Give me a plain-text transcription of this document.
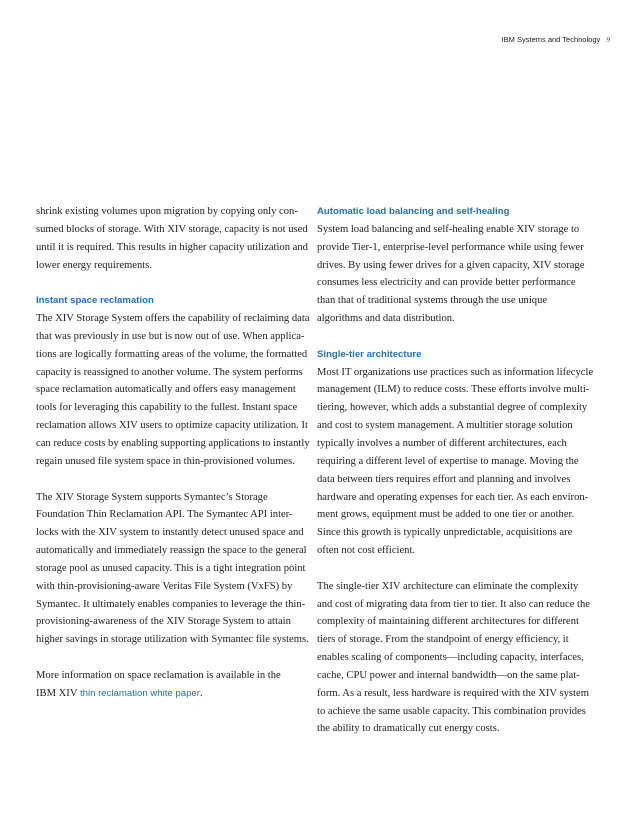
IBM Systems and Technology 9
shrink existing volumes upon migration by copying only con-
sumed blocks of storage. With XIV storage, capacity is not used
until it is required. This results in higher capacity utilization and
lower energy requirements.
Instant space reclamation
The XIV Storage System offers the capability of reclaiming data
that was previously in use but is now out of use. When applica-
tions are logically formatting areas of the volume, the formatted
capacity is reassigned to another volume. The system performs
space reclamation automatically and offers easy management
tools for leveraging this capability to the fullest. Instant space
reclamation allows XIV users to optimize capacity utilization. It
can reduce costs by enabling supporting applications to instantly
regain unused file system space in thin-provisioned volumes.
The XIV Storage System supports Symantec’s Storage
Foundation Thin Reclamation API. The Symantec API inter-
locks with the XIV system to instantly detect unused space and
automatically and immediately reassign the space to the general
storage pool as unused capacity. This is a tight integration point
with thin-provisioning-aware Veritas File System (VxFS) by
Symantec. It ultimately enables companies to leverage the thin-
provisioning-awareness of the XIV Storage System to attain
higher savings in storage utilization with Symantec file systems.
More information on space reclamation is available in the
IBM XIV thin reclamation white paper.
Automatic load balancing and self-healing
System load balancing and self-healing enable XIV storage to
provide Tier-1, enterprise-level performance while using fewer
drives. By using fewer drives for a given capacity, XIV storage
consumes less electricity and can provide better performance
than that of traditional systems through the use unique
algorithms and data distribution.
Single-tier architecture
Most IT organizations use practices such as information lifecycle
management (ILM) to reduce costs. These efforts involve multi-
tiering, however, which adds a substantial degree of complexity
and cost to system management. A multitier storage solution
typically involves a number of different architectures, each
requiring a different level of expertise to manage. Moving the
data between tiers requires effort and planning and involves
hardware and operating expenses for each tier. As each environ-
ment grows, equipment must be added to one tier or another.
Since this growth is typically unpredictable, acquisitions are
often not cost efficient.
The single-tier XIV architecture can eliminate the complexity
and cost of migrating data from tier to tier. It also can reduce the
complexity of maintaining different architectures for different
tiers of storage. From the standpoint of energy efficiency, it
enables scaling of components—including capacity, interfaces,
cache, CPU power and internal bandwidth—on the same plat-
form. As a result, less hardware is required with the XIV system
to achieve the same usable capacity. This combination provides
the ability to dramatically cut energy costs.
